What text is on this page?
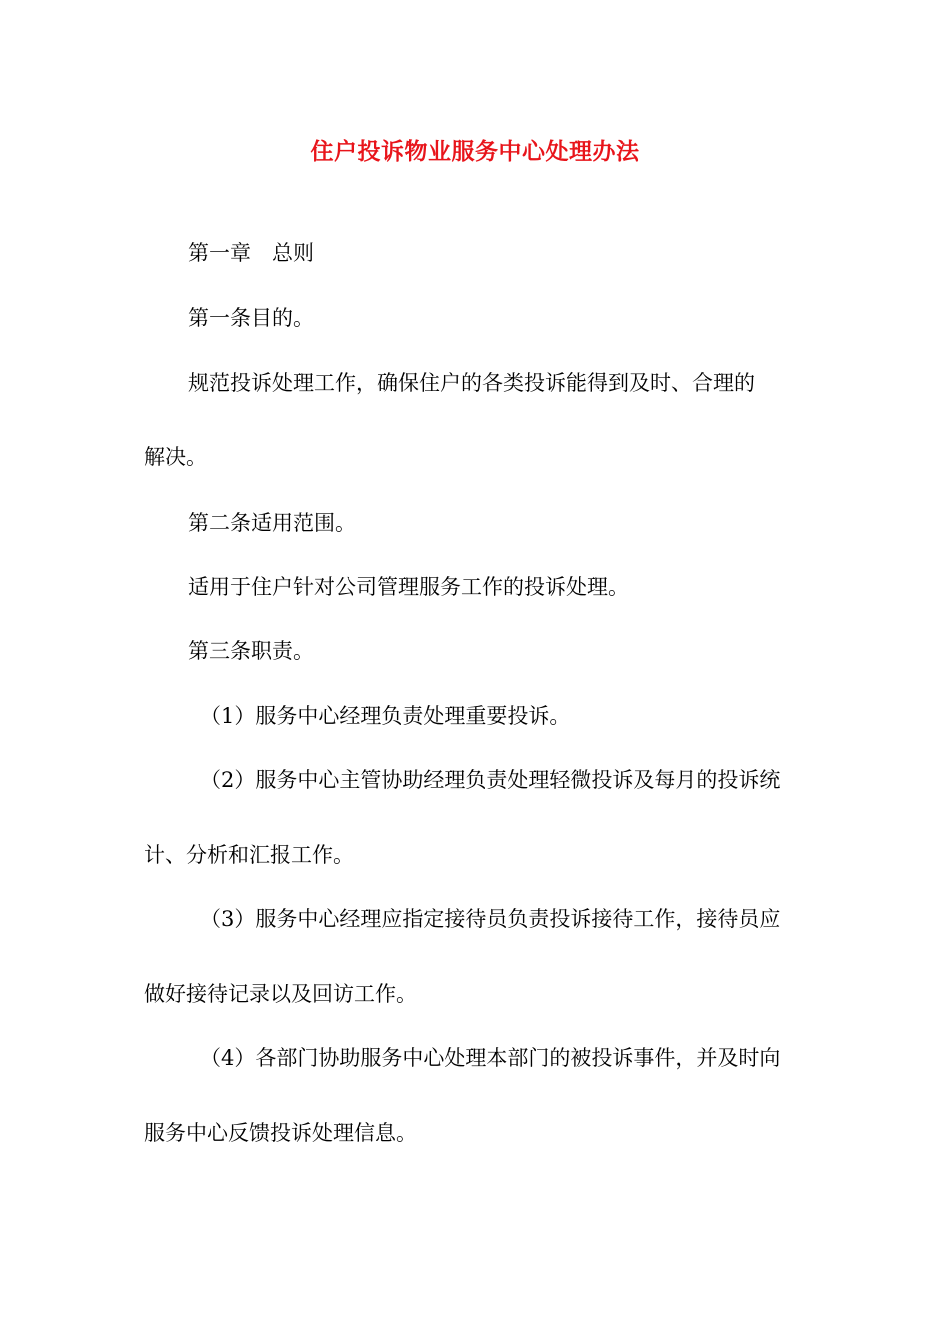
住户投诉物业服务中心处理办法
第一章　总则
第一条目的。
规范投诉处理工作，确保住户的各类投诉能得到及时、合理的
解决。
第二条适用范围。
适用于住户针对公司管理服务工作的投诉处理。
第三条职责。
（1）服务中心经理负责处理重要投诉。
（2）服务中心主管协助经理负责处理轻微投诉及每月的投诉统
计、分析和汇报工作。
（3）服务中心经理应指定接待员负责投诉接待工作，接待员应
做好接待记录以及回访工作。
（4）各部门协助服务中心处理本部门的被投诉事件，并及时向
服务中心反馈投诉处理信息。
